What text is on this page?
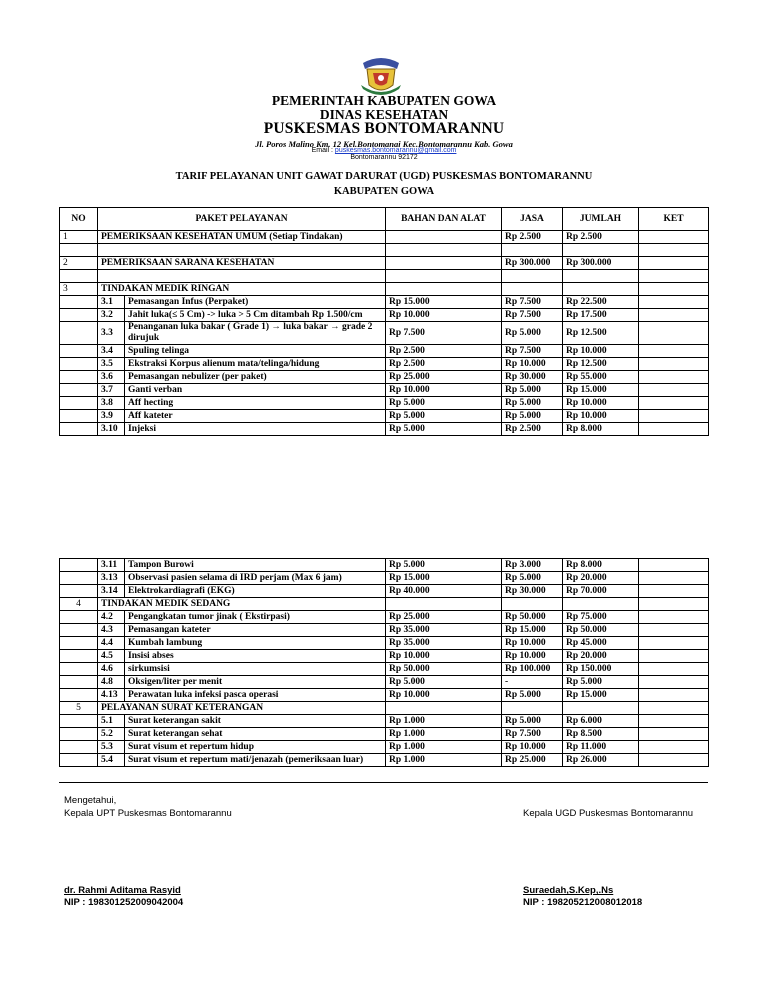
PEMERINTAH KABUPATEN GOWA
DINAS KESEHATAN
PUSKESMAS BONTOMARANNU
Jl. Poros Malino Km. 12 Kel.Bontomanai Kec.Bontomarannu Kab. Gowa
Email : puskesmas.bontomarannu@gmail.com
Bontomarannu 92172
TARIF PELAYANAN UNIT GAWAT DARURAT (UGD) PUSKESMAS BONTOMARANNU
KABUPATEN GOWA
NO	PAKET PELAYANAN		BAHAN DAN ALAT	JASA	JUMLAH	KET
1	PEMERIKSAAN KESEHATAN UMUM (Setiap Tindakan)			Rp 2.500	Rp 2.500	

2	PEMERIKSAAN SARANA KESEHATAN			Rp 300.000	Rp 300.000	

3	TINDAKAN MEDIK RINGAN					
	3.1	Pemasangan Infus (Perpaket)	Rp 15.000	Rp 7.500	Rp 22.500	
	3.2	Jahit luka(≤ 5 Cm) -> luka > 5 Cm ditambah Rp 1.500/cm	Rp 10.000	Rp 7.500	Rp 17.500	
	3.3	Penanganan luka bakar ( Grade 1) → luka bakar → grade 2 dirujuk	Rp 7.500	Rp 5.000	Rp 12.500	
	3.4	Spuling telinga	Rp 2.500	Rp 7.500	Rp 10.000	
	3.5	Ekstraksi Korpus alienum mata/telinga/hidung	Rp 2.500	Rp 10.000	Rp 12.500	
	3.6	Pemasangan nebulizer (per paket)	Rp 25.000	Rp 30.000	Rp 55.000	
	3.7	Ganti verban	Rp 10.000	Rp 5.000	Rp 15.000	
	3.8	Aff hecting	Rp 5.000	Rp 5.000	Rp 10.000	
	3.9	Aff kateter	Rp 5.000	Rp 5.000	Rp 10.000	
	3.10	Injeksi	Rp 5.000	Rp 2.500	Rp 8.000	
	3.11	Tampon Burowi	Rp 5.000	Rp 3.000	Rp 8.000	
	3.13	Observasi pasien selama di IRD perjam (Max 6 jam)	Rp 15.000	Rp 5.000	Rp 20.000	
	3.14	Elektrokardiagrafi (EKG)	Rp 40.000	Rp 30.000	Rp 70.000	
4	TINDAKAN MEDIK SEDANG					
	4.2	Pengangkatan tumor jinak ( Ekstirpasi)	Rp 25.000	Rp 50.000	Rp 75.000	
	4.3	Pemasangan kateter	Rp 35.000	Rp 15.000	Rp 50.000	
	4.4	Kumbah lambung	Rp 35.000	Rp 10.000	Rp 45.000	
	4.5	Insisi abses	Rp 10.000	Rp 10.000	Rp 20.000	
	4.6	sirkumsisi	Rp 50.000	Rp 100.000	Rp 150.000	
	4.8	Oksigen/liter per menit	Rp 5.000	-	Rp 5.000	
	4.13	Perawatan luka infeksi pasca operasi	Rp 10.000	Rp 5.000	Rp 15.000	
5	PELAYANAN SURAT KETERANGAN					
	5.1	Surat keterangan sakit	Rp 1.000	Rp 5.000	Rp 6.000	
	5.2	Surat keterangan sehat	Rp 1.000	Rp 7.500	Rp 8.500	
	5.3	Surat visum et repertum hidup	Rp 1.000	Rp 10.000	Rp 11.000	
	5.4	Surat visum et repertum mati/jenazah (pemeriksaan luar)	Rp 1.000	Rp 25.000	Rp 26.000	
Mengetahui,
Kepala UPT Puskesmas Bontomarannu	Kepala UGD Puskesmas Bontomarannu
dr. Rahmi Aditama Rasyid
NIP : 198301252009042004
Suraedah,S.Kep,.Ns
NIP : 198205212008012018
